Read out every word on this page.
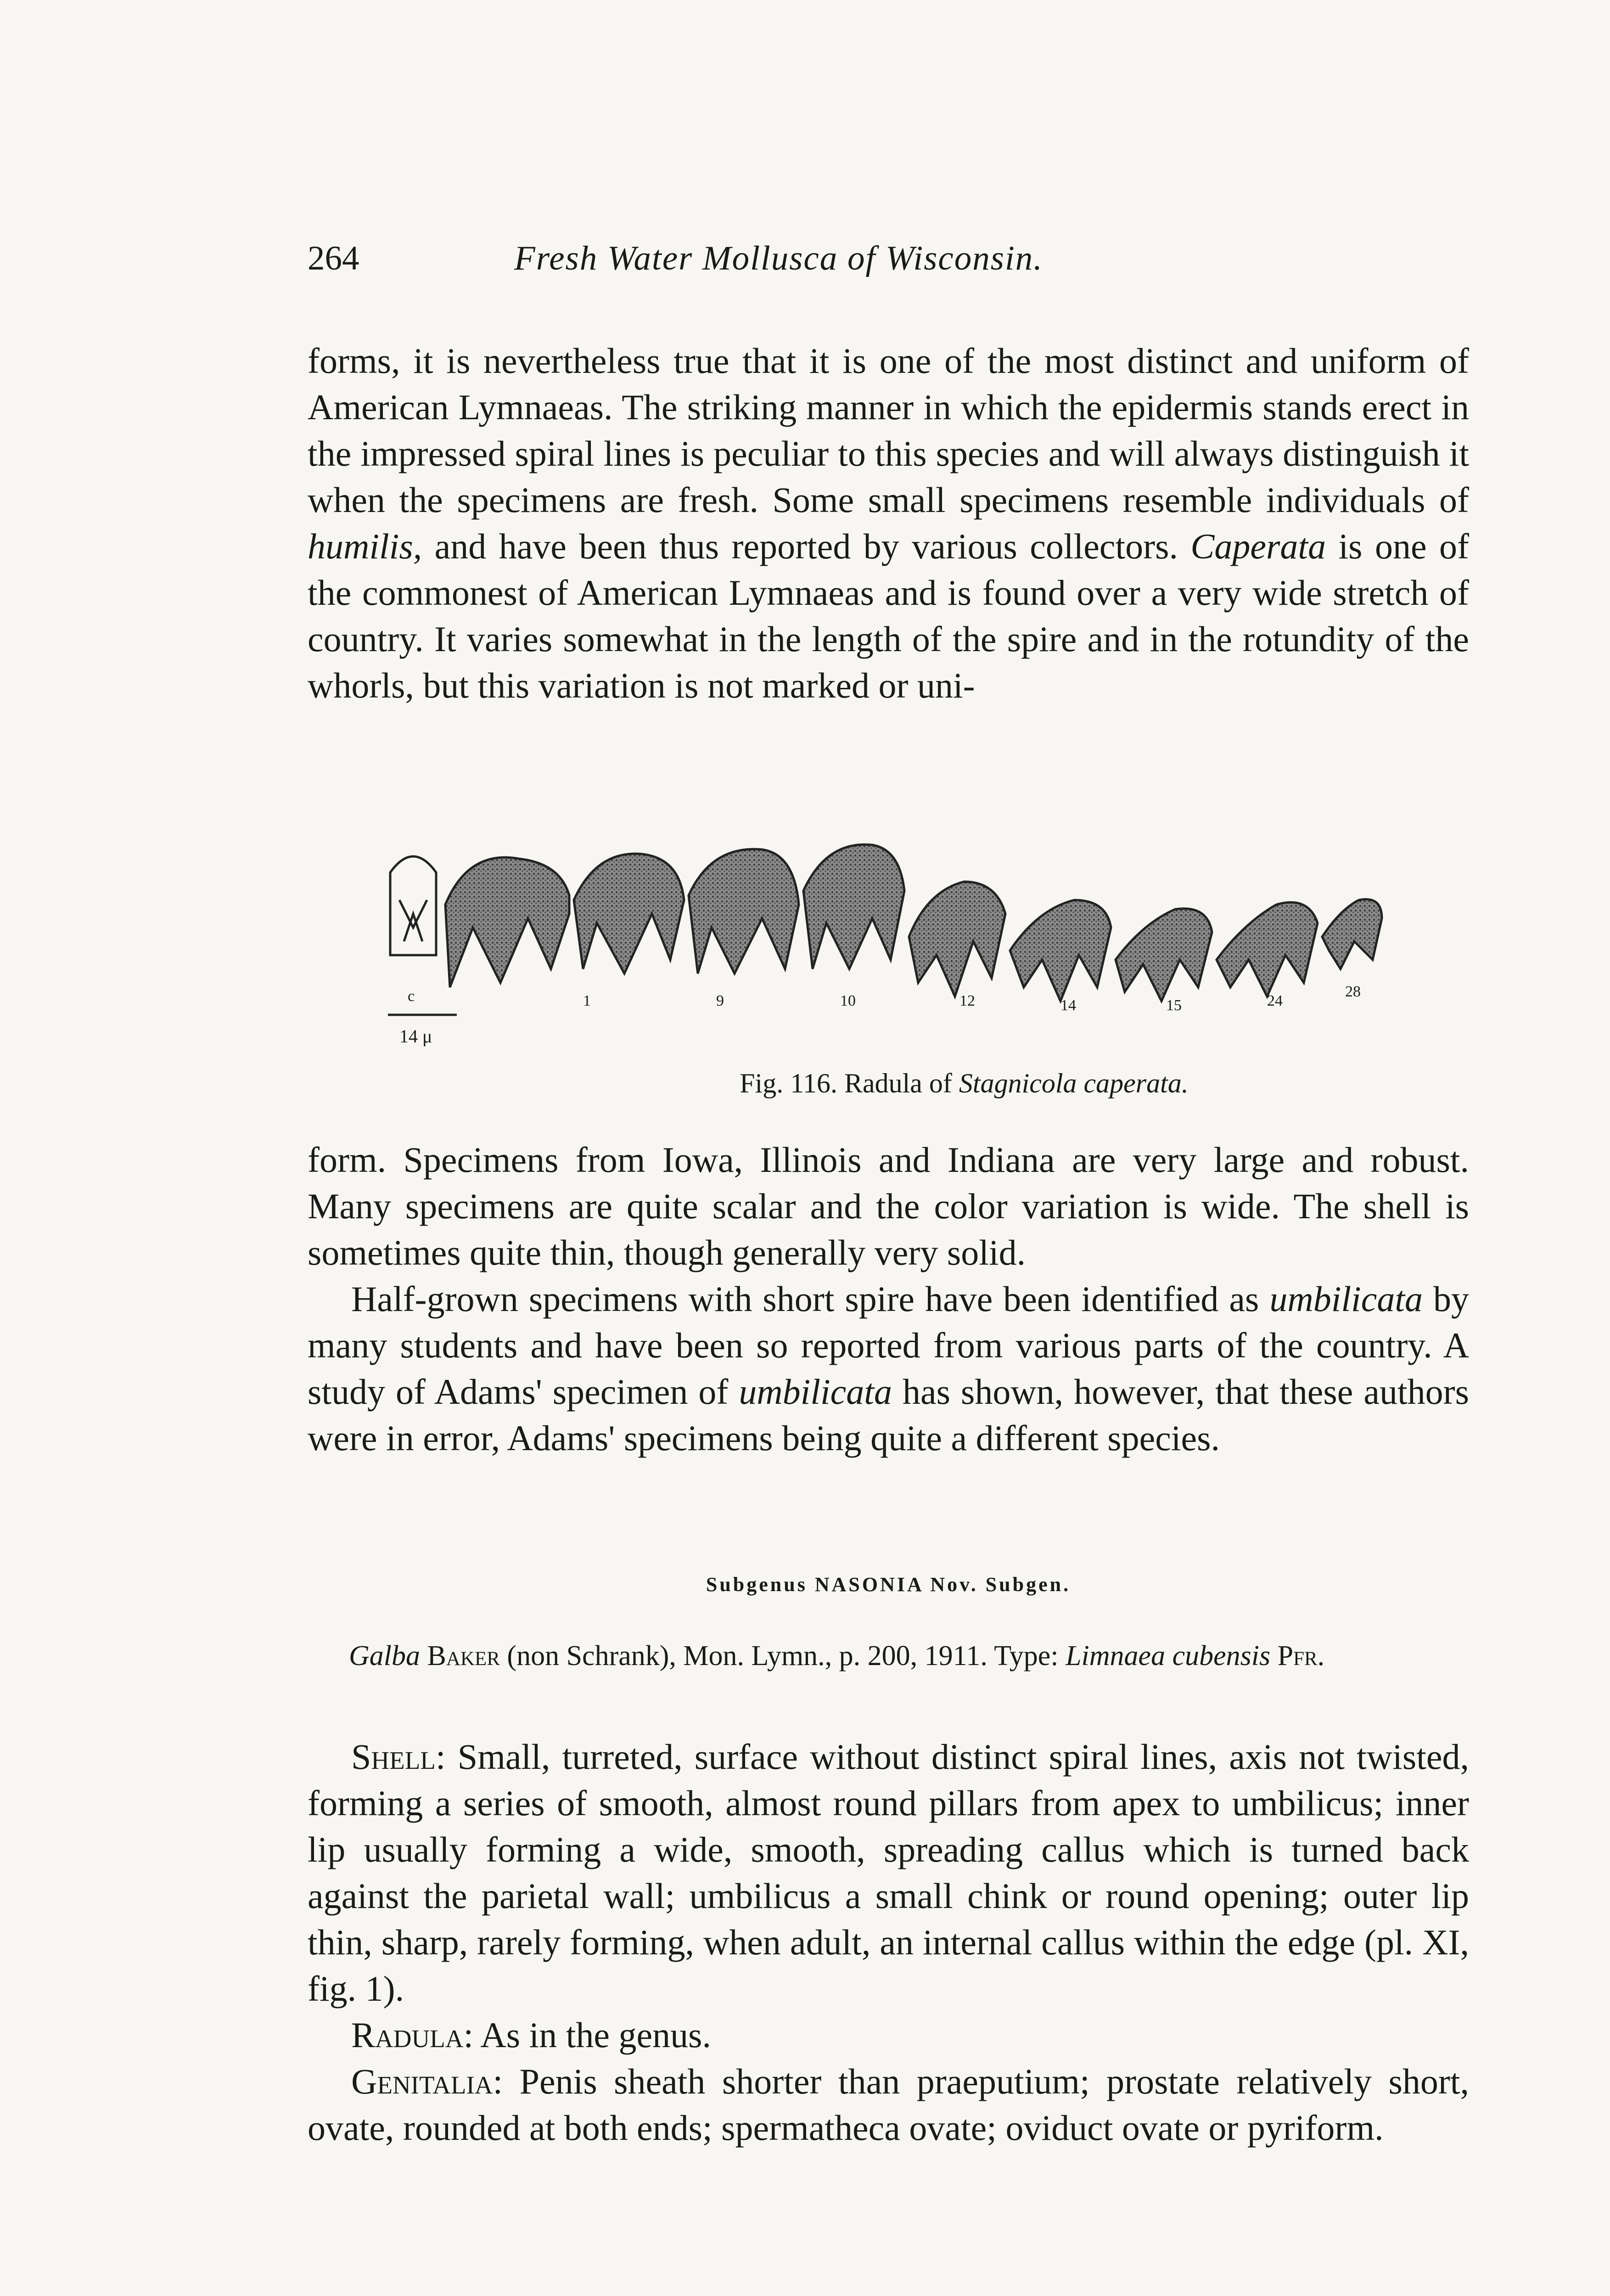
264	Fresh Water Mollusca of Wisconsin.

forms, it is nevertheless true that it is one of the most distinct and uniform of American Lymnaeas. The striking manner in which the epidermis stands erect in the impressed spiral lines is peculiar to this species and will always distinguish it when the specimens are fresh. Some small specimens resemble individuals of humilis, and have been thus reported by various collectors. Caperata is one of the commonest of American Lymnaeas and is found over a very wide stretch of country. It varies somewhat in the length of the spire and in the rotundity of the whorls, but this variation is not marked or uni-

c	1	9	10	12	14	15	24
28
14 μ
Fig. 116. Radula of Stagnicola caperata.

form. Specimens from Iowa, Illinois and Indiana are very large and robust. Many specimens are quite scalar and the color variation is wide. The shell is sometimes quite thin, though generally very solid.

Half-grown specimens with short spire have been identified as umbilicata by many students and have been so reported from various parts of the country. A study of Adams' specimen of umbilicata has shown, however, that these authors were in error, Adams' specimens being quite a different species.

Subgenus NASONIA Nov. Subgen.

Galba Baker (non Schrank), Mon. Lymn., p. 200, 1911. Type: Limnaea cubensis Pfr.

Shell: Small, turreted, surface without distinct spiral lines, axis not twisted, forming a series of smooth, almost round pillars from apex to umbilicus; inner lip usually forming a wide, smooth, spreading callus which is turned back against the parietal wall; umbilicus a small chink or round opening; outer lip thin, sharp, rarely forming, when adult, an internal callus within the edge (pl. XI, fig. 1).

Radula: As in the genus.

Genitalia: Penis sheath shorter than praeputium; prostate relatively short, ovate, rounded at both ends; spermatheca ovate; oviduct ovate or pyriform.
